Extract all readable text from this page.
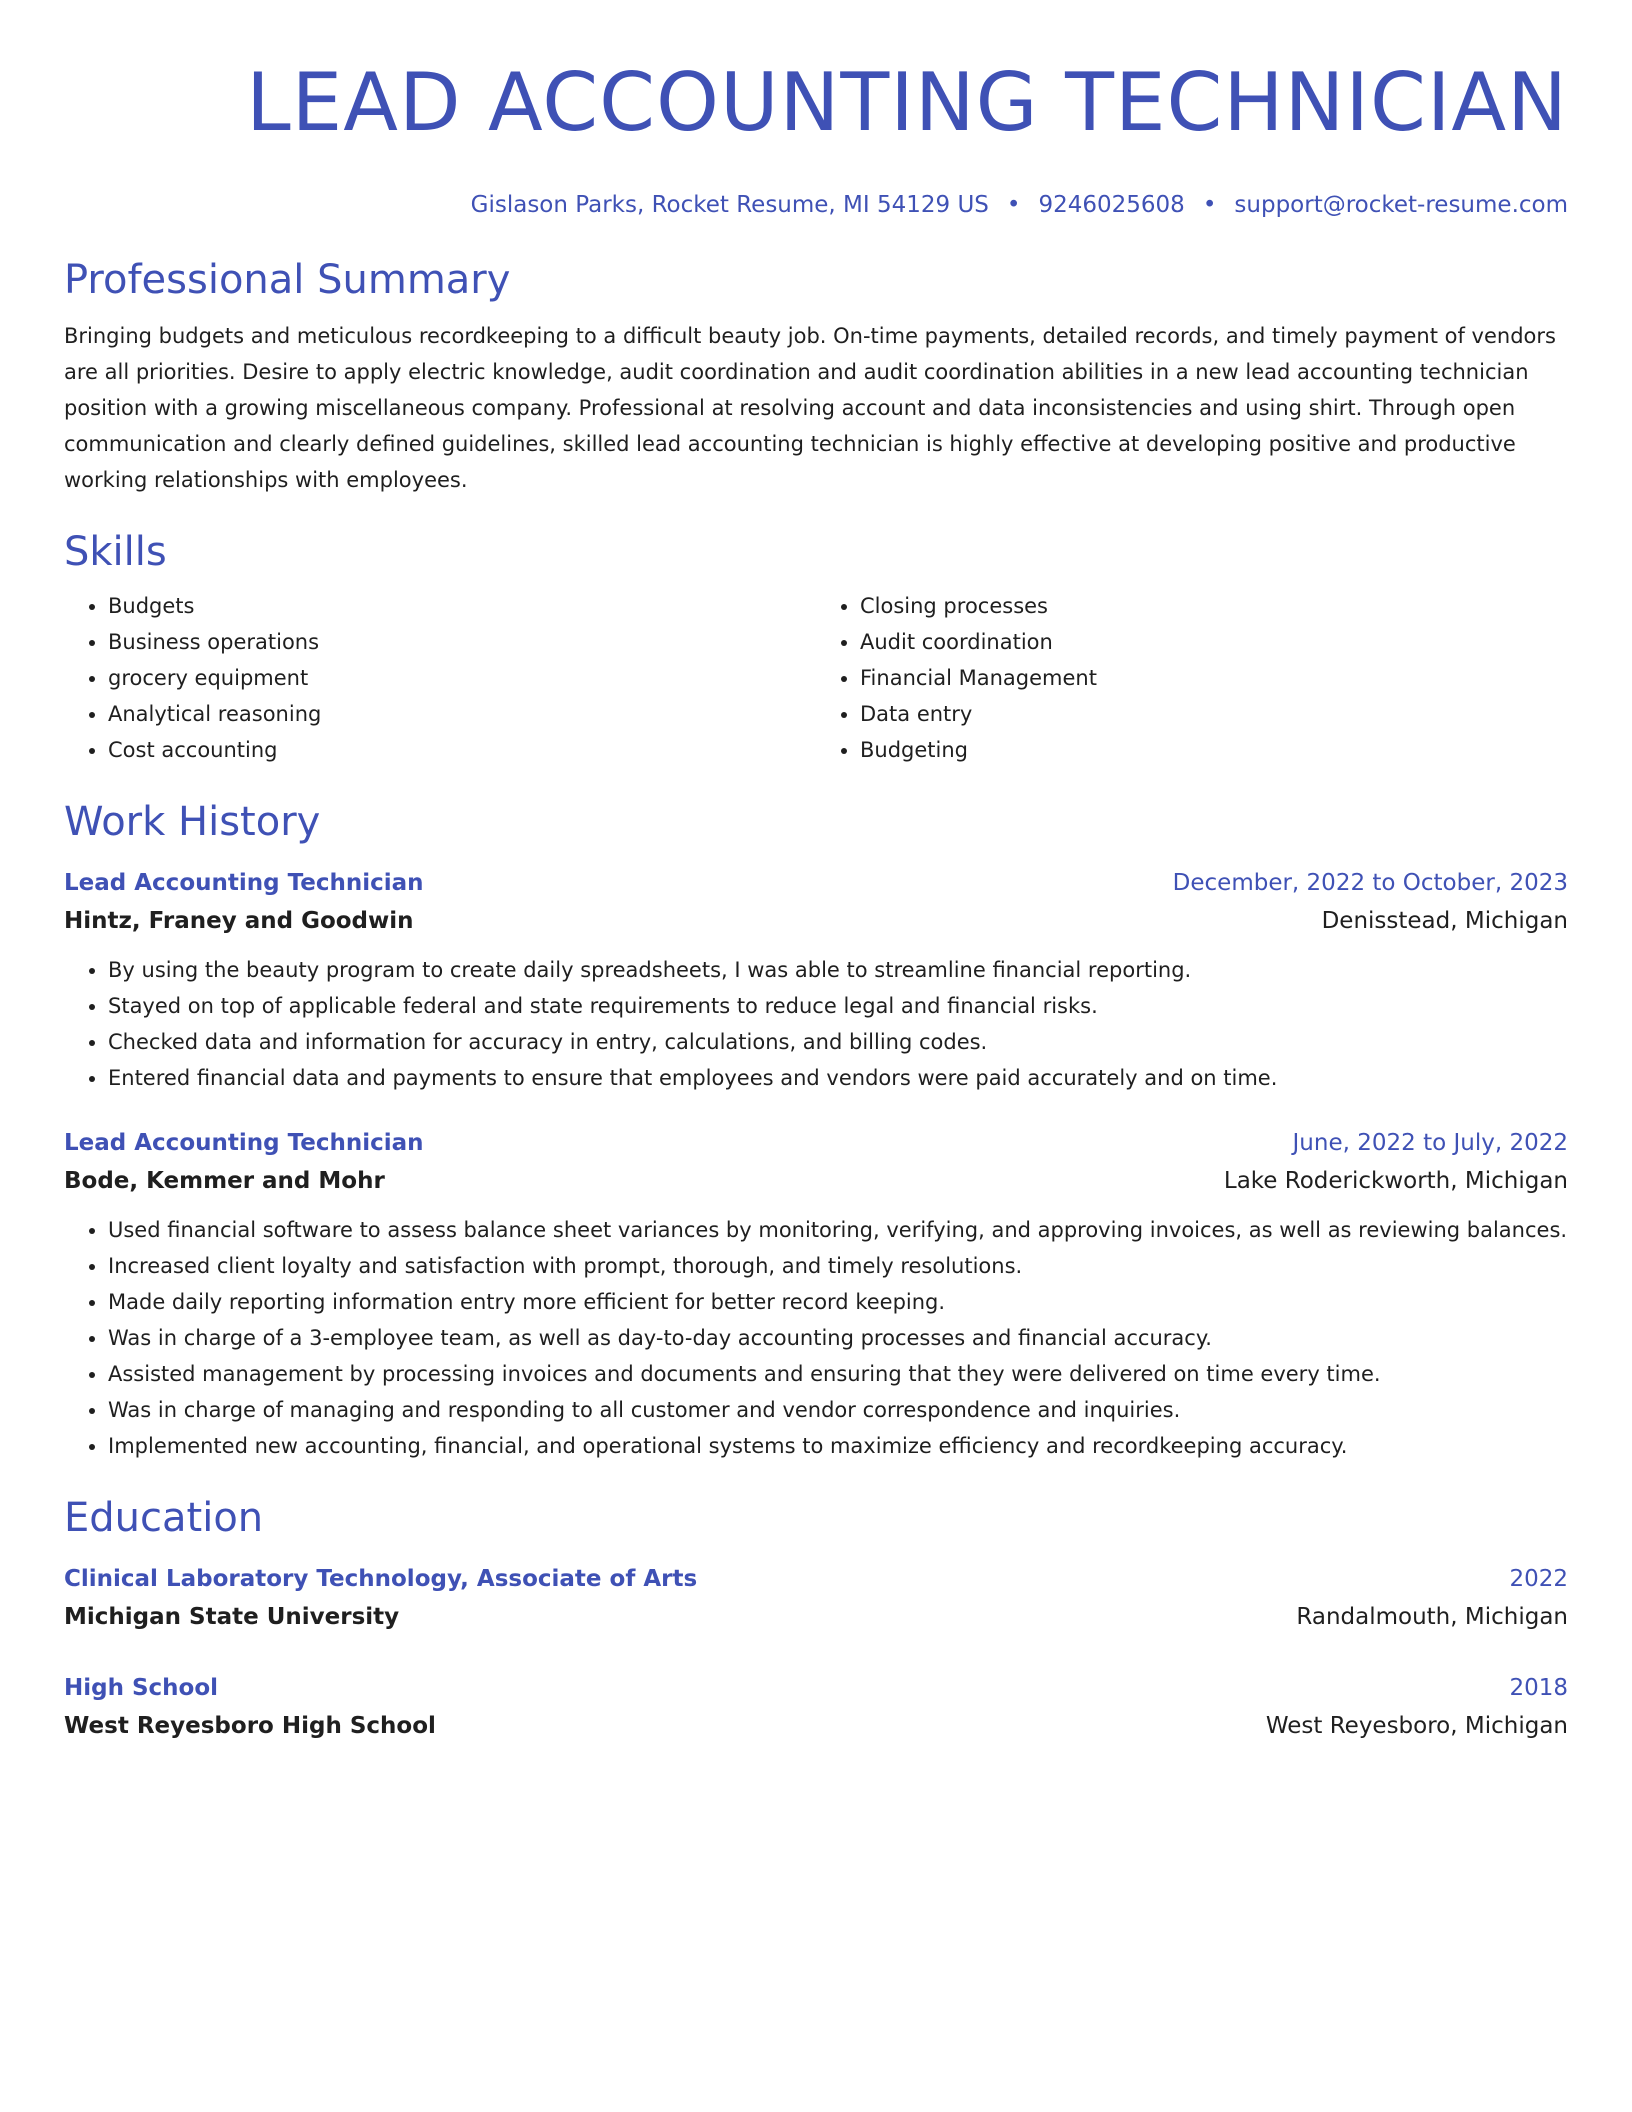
LEAD ACCOUNTING TECHNICIAN
Gislason Parks, Rocket Resume, MI 54129 US • 9246025608 • support@rocket-resume.com
Professional Summary

Bringing budgets and meticulous recordkeeping to a difficult beauty job. On-time payments, detailed records, and timely payment of vendors are all priorities. Desire to apply electric knowledge, audit coordination and audit coordination abilities in a new lead accounting technician position with a growing miscellaneous company. Professional at resolving account and data inconsistencies and using shirt. Through open communication and clearly defined guidelines, skilled lead accounting technician is highly effective at developing positive and productive working relationships with employees.

Skills
• Budgets
• Business operations
• grocery equipment
• Analytical reasoning
• Cost accounting
• Closing processes
• Audit coordination
• Financial Management
• Data entry
• Budgeting
Work History
Lead Accounting Technician	December, 2022 to October, 2023
Hintz, Franey and Goodwin	Denisstead, Michigan
• By using the beauty program to create daily spreadsheets, I was able to streamline financial reporting.
• Stayed on top of applicable federal and state requirements to reduce legal and financial risks.
• Checked data and information for accuracy in entry, calculations, and billing codes.
• Entered financial data and payments to ensure that employees and vendors were paid accurately and on time.
Lead Accounting Technician	June, 2022 to July, 2022
Bode, Kemmer and Mohr	Lake Roderickworth, Michigan
• Used financial software to assess balance sheet variances by monitoring, verifying, and approving invoices, as well as reviewing balances.
• Increased client loyalty and satisfaction with prompt, thorough, and timely resolutions.
• Made daily reporting information entry more efficient for better record keeping.
• Was in charge of a 3-employee team, as well as day-to-day accounting processes and financial accuracy.
• Assisted management by processing invoices and documents and ensuring that they were delivered on time every time.
• Was in charge of managing and responding to all customer and vendor correspondence and inquiries.
• Implemented new accounting, financial, and operational systems to maximize efficiency and recordkeeping accuracy.
Education
Clinical Laboratory Technology, Associate of Arts	2022
Michigan State University	Randalmouth, Michigan
High School	2018
West Reyesboro High School	West Reyesboro, Michigan
